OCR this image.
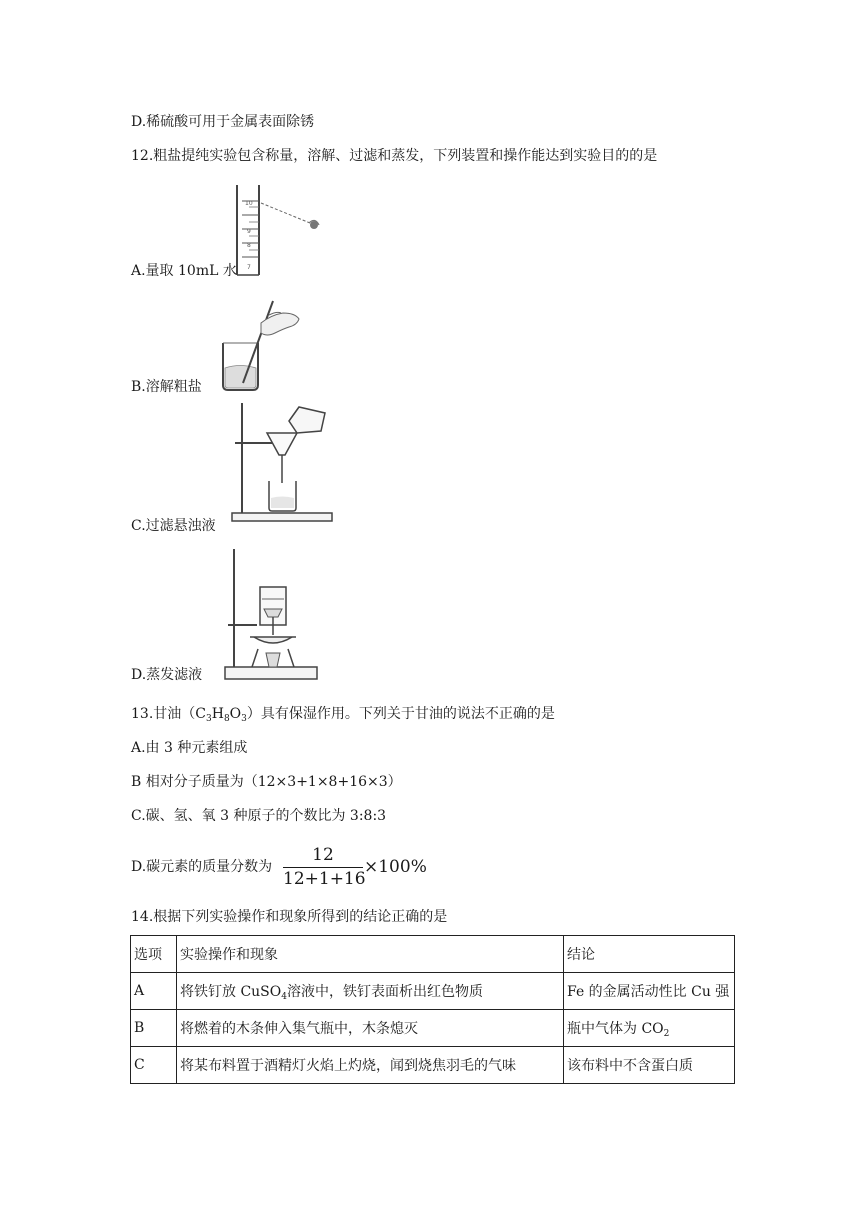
D.稀硫酸可用于金属表面除锈
12.粗盐提纯实验包含称量，溶解、过滤和蒸发，下列装置和操作能达到实验目的的是
10
9
8
7
A.量取 10mL 水
B.溶解粗盐
C.过滤悬浊液
D.蒸发滤液
13.甘油$(C_3H_8O_3)$具有保湿作用。下列关于甘油的说法不正确的是
A.由 3 种元素组成
B 相对分子质量为（12×3+1×8+16×3）
C.碳、氢、氧 3 种原子的个数比为 3:8:3
D.碳元素的质量分数为
12
12+1+16
×100%
14.根据下列实验操作和现象所得到的结论正确的是
选项	实验操作和现象	结论
A	将铁钉放 CuSO$_4$溶液中，铁钉表面析出红色物质	Fe 的金属活动性比 Cu 强
B	将燃着的木条伸入集气瓶中，木条熄灭	瓶中气体为 $CO_2$
C	将某布料置于酒精灯火焰上灼烧，闻到烧焦羽毛的气味	该布料中不含蛋白质
